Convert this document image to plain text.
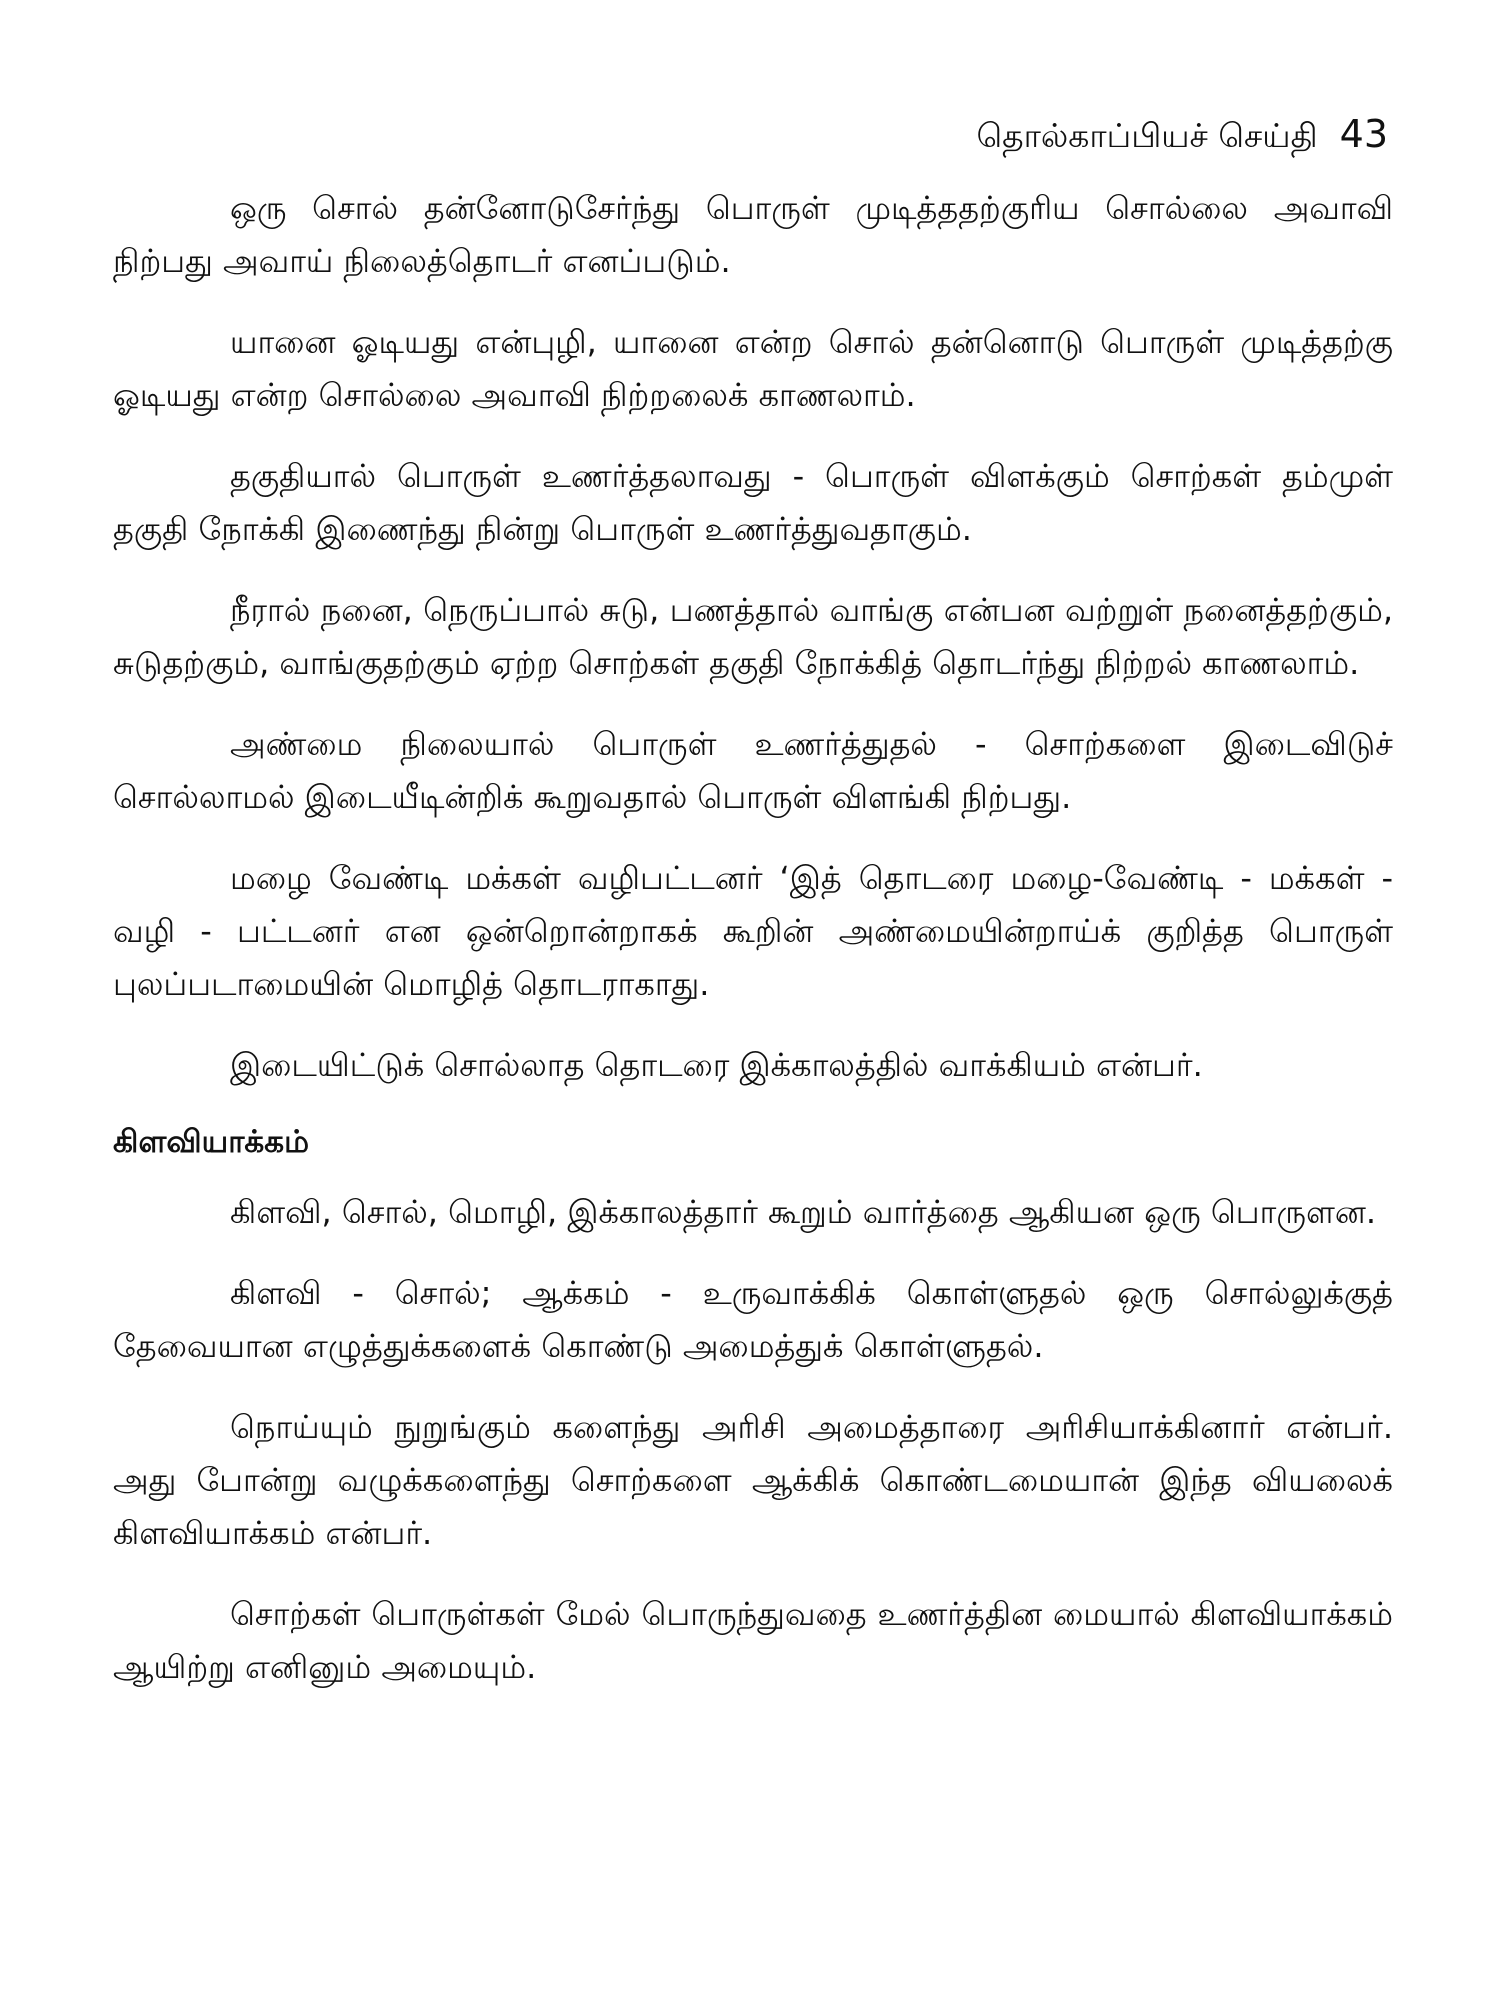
தொல்காப்பியச் செய்தி 43

ஒரு சொல் தன்னோடுசேர்ந்து பொருள் முடித்ததற்குரிய சொல்லை அவாவி நிற்பது அவாய் நிலைத்தொடர் எனப்படும்.

யானை ஓடியது என்புழி, யானை என்ற சொல் தன்னொடு பொருள் முடித்தற்கு ஓடியது என்ற சொல்லை அவாவி நிற்றலைக் காணலாம்.

தகுதியால் பொருள் உணர்த்தலாவது - பொருள் விளக்கும் சொற்கள் தம்முள் தகுதி நோக்கி இணைந்து நின்று பொருள் உணர்த்துவதாகும்.

நீரால் நனை, நெருப்பால் சுடு, பணத்தால் வாங்கு என்பன வற்றுள் நனைத்தற்கும், சுடுதற்கும், வாங்குதற்கும் ஏற்ற சொற்கள் தகுதி நோக்கித் தொடர்ந்து நிற்றல் காணலாம்.

அண்மை நிலையால் பொருள் உணர்த்துதல் - சொற்களை இடைவிடுச் சொல்லாமல் இடையீடின்றிக் கூறுவதால் பொருள் விளங்கி நிற்பது.

மழை வேண்டி மக்கள் வழிபட்டனர் ‘இத் தொடரை மழை-வேண்டி - மக்கள் - வழி - பட்டனர் என ஒன்றொன்றாகக் கூறின் அண்மையின்றாய்க் குறித்த பொருள் புலப்படாமையின் மொழித் தொடராகாது.

இடையிட்டுக் சொல்லாத தொடரை இக்காலத்தில் வாக்கியம் என்பர்.

கிளவியாக்கம்

கிளவி, சொல், மொழி, இக்காலத்தார் கூறும் வார்த்தை ஆகியன ஒரு பொருளன.

கிளவி - சொல்; ஆக்கம் - உருவாக்கிக் கொள்ளுதல் ஒரு சொல்லுக்குத் தேவையான எழுத்துக்களைக் கொண்டு அமைத்துக் கொள்ளுதல்.

நொய்யும் நுறுங்கும் களைந்து அரிசி அமைத்தாரை அரிசியாக்கினார் என்பர். அது போன்று வழுக்களைந்து சொற்களை ஆக்கிக் கொண்டமையான் இந்த வியலைக் கிளவியாக்கம் என்பர்.

சொற்கள் பொருள்கள் மேல் பொருந்துவதை உணர்த்தின மையால் கிளவியாக்கம் ஆயிற்று எனினும் அமையும்.
